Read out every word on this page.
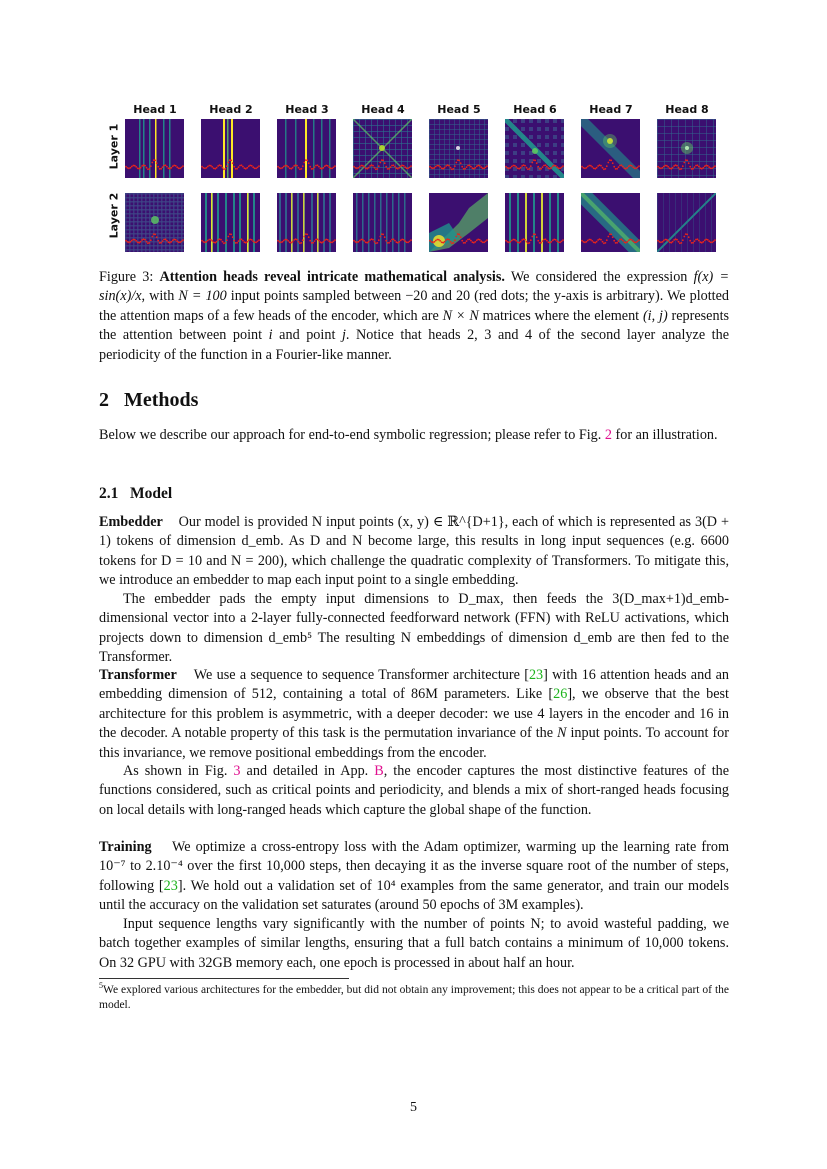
Head 1	Head 2	Head 3	Head 4	Head 5	Head 6	Head 7	Head 8
Layer 1
Layer 2
Figure 3: Attention heads reveal intricate mathematical analysis. We considered the expression f(x) = sin(x)/x, with N = 100 input points sampled between −20 and 20 (red dots; the y-axis is arbitrary). We plotted the attention maps of a few heads of the encoder, which are N × N matrices where the element (i, j) represents the attention between point i and point j. Notice that heads 2, 3 and 4 of the second layer analyze the periodicity of the function in a Fourier-like manner.
2 Methods
Below we describe our approach for end-to-end symbolic regression; please refer to Fig. 2 for an illustration.
2.1 Model
Embedder Our model is provided N input points (x, y) ∈ ℝ^{D+1}, each of which is represented as 3(D + 1) tokens of dimension d_emb. As D and N become large, this results in long input sequences (e.g. 6600 tokens for D = 10 and N = 200), which challenge the quadratic complexity of Transformers. To mitigate this, we introduce an embedder to map each input point to a single embedding.
The embedder pads the empty input dimensions to D_max, then feeds the 3(D_max+1)d_emb-dimensional vector into a 2-layer fully-connected feedforward network (FFN) with ReLU activations, which projects down to dimension d_emb⁵ The resulting N embeddings of dimension d_emb are then fed to the Transformer.
Transformer We use a sequence to sequence Transformer architecture [23] with 16 attention heads and an embedding dimension of 512, containing a total of 86M parameters. Like [26], we observe that the best architecture for this problem is asymmetric, with a deeper decoder: we use 4 layers in the encoder and 16 in the decoder. A notable property of this task is the permutation invariance of the N input points. To account for this invariance, we remove positional embeddings from the encoder.
As shown in Fig. 3 and detailed in App. B, the encoder captures the most distinctive features of the functions considered, such as critical points and periodicity, and blends a mix of short-ranged heads focusing on local details with long-ranged heads which capture the global shape of the function.
Training We optimize a cross-entropy loss with the Adam optimizer, warming up the learning rate from 10⁻⁷ to 2.10⁻⁴ over the first 10,000 steps, then decaying it as the inverse square root of the number of steps, following [23]. We hold out a validation set of 10⁴ examples from the same generator, and train our models until the accuracy on the validation set saturates (around 50 epochs of 3M examples).
Input sequence lengths vary significantly with the number of points N; to avoid wasteful padding, we batch together examples of similar lengths, ensuring that a full batch contains a minimum of 10,000 tokens. On 32 GPU with 32GB memory each, one epoch is processed in about half an hour.
$^5$We explored various architectures for the embedder, but did not obtain any improvement; this does not appear to be a critical part of the model.
5
